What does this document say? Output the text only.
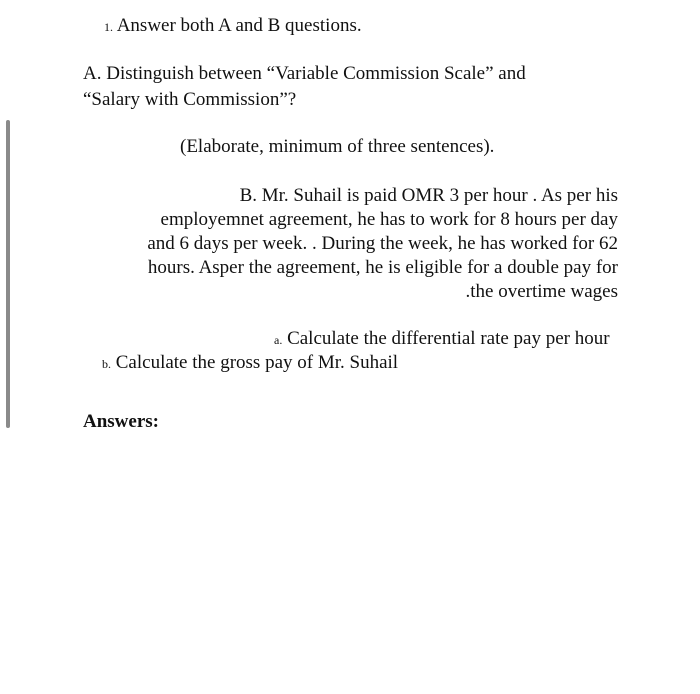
1. Answer both A and B questions.
A. Distinguish between “Variable Commission Scale” and
“Salary with Commission”?
(Elaborate, minimum of three sentences).
B. Mr. Suhail is paid OMR 3 per hour . As per his
employemnet agreement, he has to work for 8 hours per day
and 6 days per week. . During the week, he has worked for 62
hours. Asper the agreement, he is eligible for a double pay for
.the overtime wages
a. Calculate the differential rate pay per hour
b. Calculate the gross pay of Mr. Suhail
Answers:
